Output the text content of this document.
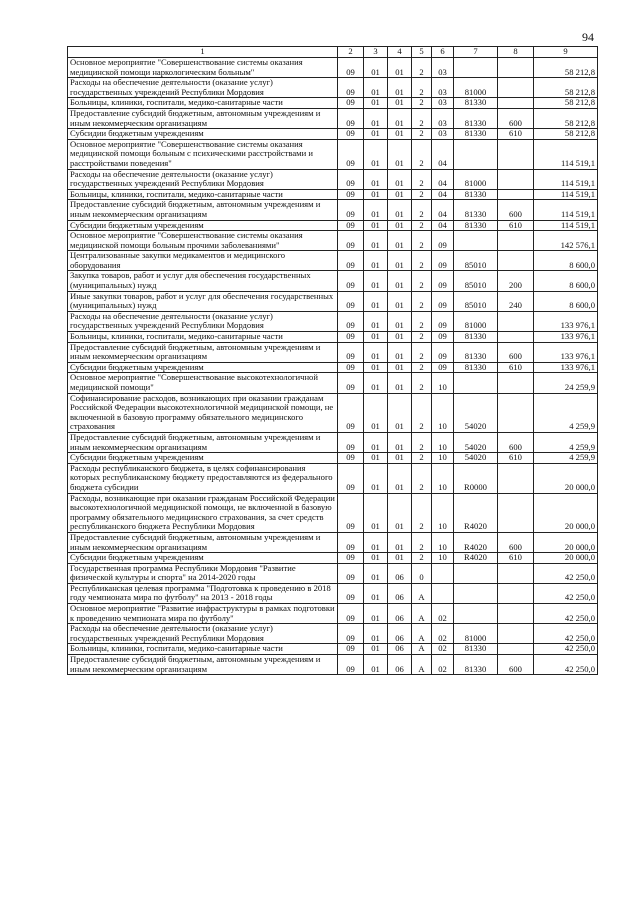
94
1	2	3	4	5	6	7	8	9
Основное мероприятие "Совершенствование системы оказания медицинской помощи наркологическим больным"	09	01	01	2	03			58 212,8
Расходы на обеспечение деятельности (оказание услуг) государственных учреждений Республики Мордовия	09	01	01	2	03	81000		58 212,8
Больницы, клиники, госпитали, медико-санитарные части	09	01	01	2	03	81330		58 212,8
Предоставление субсидий бюджетным, автономным учреждениям и иным некоммерческим организациям	09	01	01	2	03	81330	600	58 212,8
Субсидии бюджетным учреждениям	09	01	01	2	03	81330	610	58 212,8
Основное мероприятие "Совершенствование системы оказания медицинской помощи больным с психическими расстройствами и расстройствами поведения"	09	01	01	2	04			114 519,1
Расходы на обеспечение деятельности (оказание услуг) государственных учреждений Республики Мордовия	09	01	01	2	04	81000		114 519,1
Больницы, клиники, госпитали, медико-санитарные части	09	01	01	2	04	81330		114 519,1
Предоставление субсидий бюджетным, автономным учреждениям и иным некоммерческим организациям	09	01	01	2	04	81330	600	114 519,1
Субсидии бюджетным учреждениям	09	01	01	2	04	81330	610	114 519,1
Основное мероприятие "Совершенствование системы оказания медицинской помощи больным прочими заболеваниями"	09	01	01	2	09			142 576,1
Централизованные закупки медикаментов и медицинского оборудования	09	01	01	2	09	85010		8 600,0
Закупка товаров, работ и услуг для обеспечения государственных (муниципальных) нужд	09	01	01	2	09	85010	200	8 600,0
Иные закупки товаров, работ и услуг для обеспечения государственных (муниципальных) нужд	09	01	01	2	09	85010	240	8 600,0
Расходы на обеспечение деятельности (оказание услуг) государственных учреждений Республики Мордовия	09	01	01	2	09	81000		133 976,1
Больницы, клиники, госпитали, медико-санитарные части	09	01	01	2	09	81330		133 976,1
Предоставление субсидий бюджетным, автономным учреждениям и иным некоммерческим организациям	09	01	01	2	09	81330	600	133 976,1
Субсидии бюджетным учреждениям	09	01	01	2	09	81330	610	133 976,1
Основное мероприятие "Совершенствование высокотехнологичной медицинской помощи"	09	01	01	2	10			24 259,9
Софинансирование расходов, возникающих при оказании гражданам Российской Федерации высокотехнологичной медицинской помощи, не включенной в базовую программу обязательного медицинского страхования	09	01	01	2	10	54020		4 259,9
Предоставление субсидий бюджетным, автономным учреждениям и иным некоммерческим организациям	09	01	01	2	10	54020	600	4 259,9
Субсидии бюджетным учреждениям	09	01	01	2	10	54020	610	4 259,9
Расходы республиканского бюджета, в целях софинансирования которых республиканскому бюджету предоставляются из федерального бюджета субсидии	09	01	01	2	10	R0000		20 000,0
Расходы, возникающие при оказании гражданам Российской Федерации высокотехнологичной медицинской помощи, не включенной в базовую программу обязательного медицинского страхования, за счет средств республиканского бюджета Республики Мордовия	09	01	01	2	10	R4020		20 000,0
Предоставление субсидий бюджетным, автономным учреждениям и иным некоммерческим организациям	09	01	01	2	10	R4020	600	20 000,0
Субсидии бюджетным учреждениям	09	01	01	2	10	R4020	610	20 000,0
Государственная программа Республики Мордовия "Развитие физической культуры и спорта" на 2014-2020 годы	09	01	06	0				42 250,0
Республиканская целевая программа "Подготовка к проведению в 2018 году чемпионата мира по футболу" на 2013 - 2018 годы	09	01	06	А				42 250,0
Основное мероприятие "Развитие инфраструктуры в рамках подготовки к проведению чемпионата мира по футболу"	09	01	06	А	02			42 250,0
Расходы на обеспечение деятельности (оказание услуг) государственных учреждений Республики Мордовия	09	01	06	А	02	81000		42 250,0
Больницы, клиники, госпитали, медико-санитарные части	09	01	06	А	02	81330		42 250,0
Предоставление субсидий бюджетным, автономным учреждениям и иным некоммерческим организациям	09	01	06	А	02	81330	600	42 250,0
